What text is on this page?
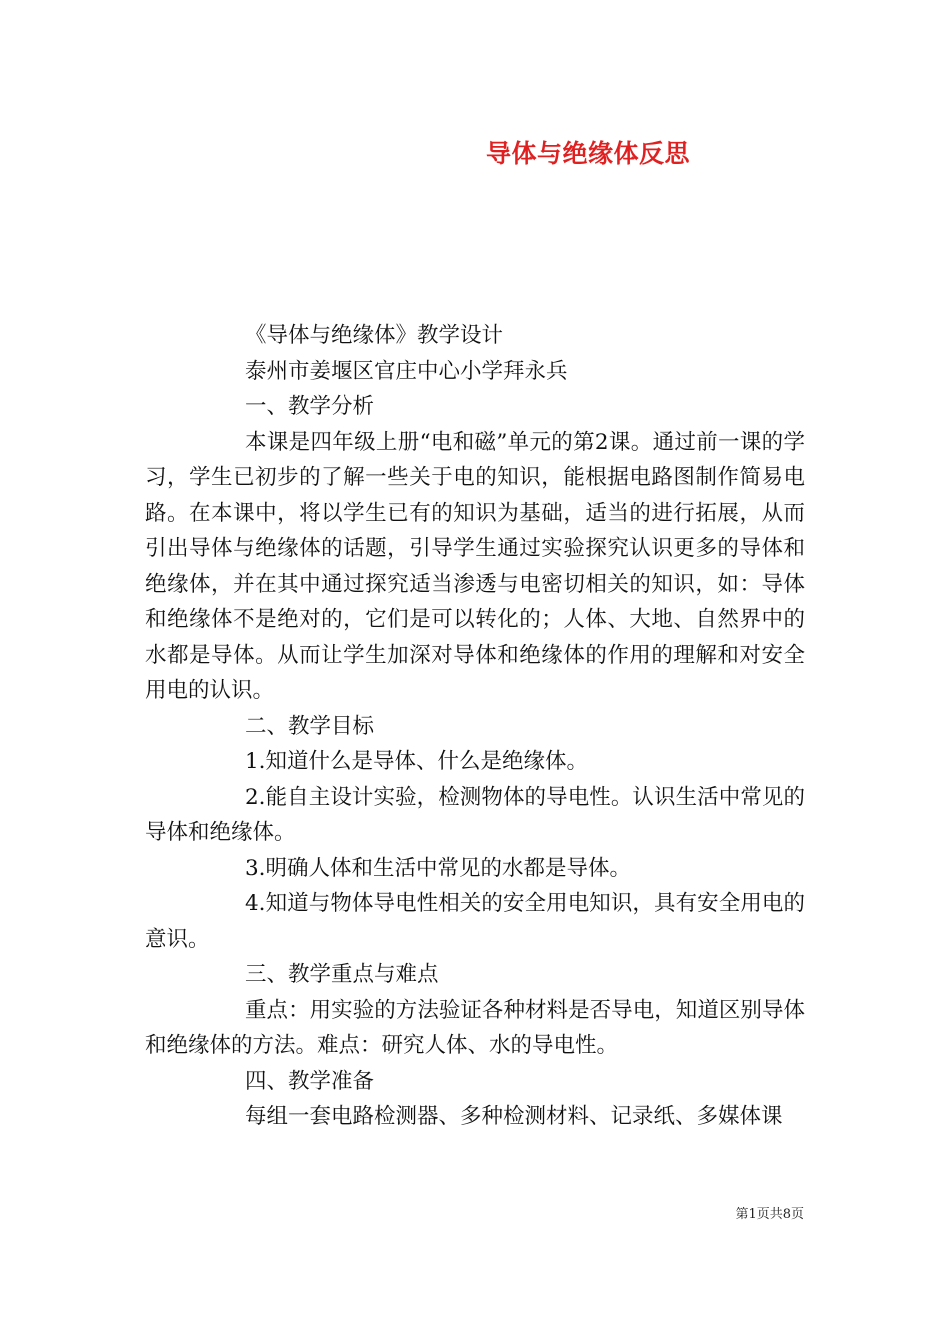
导体与绝缘体反思

《导体与绝缘体》教学设计

泰州市姜堰区官庄中心小学拜永兵

一、教学分析

本课是四年级上册“电和磁”单元的第2课。通过前一课的学习，学生已初步的了解一些关于电的知识，能根据电路图制作简易电路。在本课中，将以学生已有的知识为基础，适当的进行拓展，从而引出导体与绝缘体的话题，引导学生通过实验探究认识更多的导体和绝缘体，并在其中通过探究适当渗透与电密切相关的知识，如：导体和绝缘体不是绝对的，它们是可以转化的；人体、大地、自然界中的水都是导体。从而让学生加深对导体和绝缘体的作用的理解和对安全用电的认识。

二、教学目标

1.知道什么是导体、什么是绝缘体。

2.能自主设计实验，检测物体的导电性。认识生活中常见的导体和绝缘体。

3.明确人体和生活中常见的水都是导体。

4.知道与物体导电性相关的安全用电知识，具有安全用电的意识。

三、教学重点与难点

重点：用实验的方法验证各种材料是否导电，知道区别导体和绝缘体的方法。难点：研究人体、水的导电性。

四、教学准备

每组一套电路检测器、多种检测材料、记录纸、多媒体课

第1页共8页
